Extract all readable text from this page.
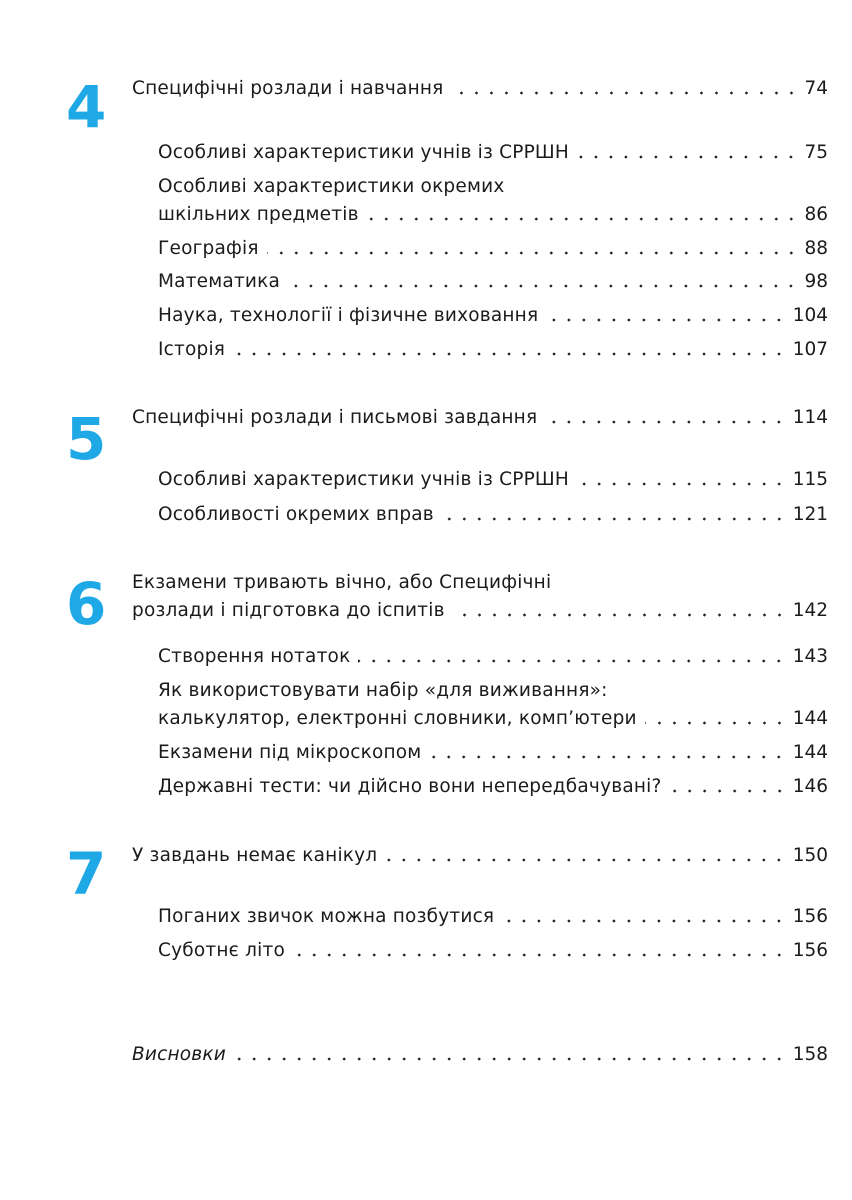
4 Специфічні розлади і навчання	74
Особливі характеристики учнів із СРРШН	75
Особливі характеристики окремих
шкільних предметів	86
Географія	88
Математика	98
Наука, технології і фізичне виховання	104
Історія	107
5 Специфічні розлади і письмові завдання	114
Особливі характеристики учнів із СРРШН	115
Особливості окремих вправ	121
6 Екзамени тривають вічно, або Специфічні
розлади і підготовка до іспитів	142
Створення нотаток	143
Як використовувати набір «для виживання»:
калькулятор, електронні словники, комп’ютери	144
Екзамени під мікроскопом	144
Державні тести: чи дійсно вони непередбачувані?	146
7 У завдань немає канікул	150
Поганих звичок можна позбутися	156
Суботнє літо	156
Висновки	158
